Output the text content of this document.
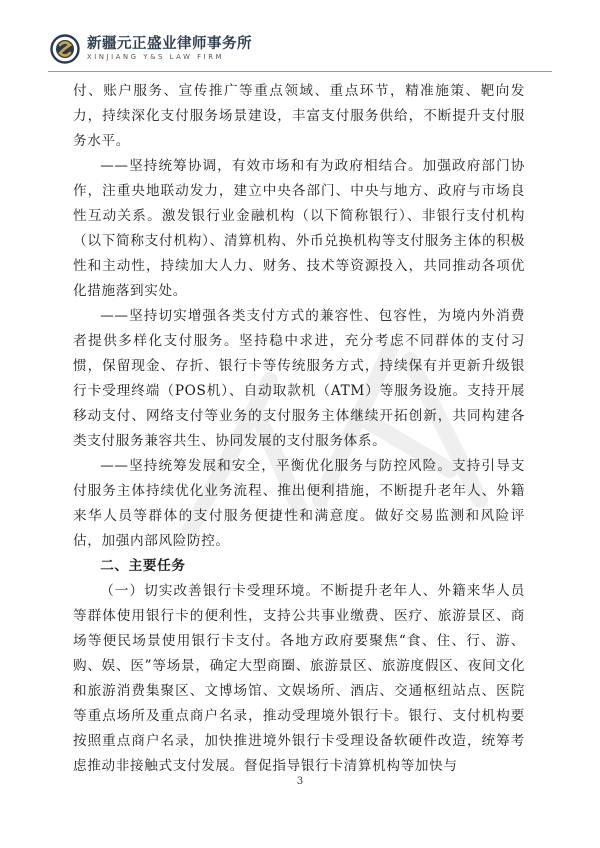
新疆元正盛业律师事务所
XINJIANG Y&S LAW FIRM

付、账户服务、宣传推广等重点领域、重点环节，精准施策、靶向发力，持续深化支付服务场景建设，丰富支付服务供给，不断提升支付服务水平。

——坚持统筹协调，有效市场和有为政府相结合。加强政府部门协作，注重央地联动发力，建立中央各部门、中央与地方、政府与市场良性互动关系。激发银行业金融机构（以下简称银行）、非银行支付机构（以下简称支付机构）、清算机构、外币兑换机构等支付服务主体的积极性和主动性，持续加大人力、财务、技术等资源投入，共同推动各项优化措施落到实处。

——坚持切实增强各类支付方式的兼容性、包容性，为境内外消费者提供多样化支付服务。坚持稳中求进，充分考虑不同群体的支付习惯，保留现金、存折、银行卡等传统服务方式，持续保有并更新升级银行卡受理终端（POS机）、自动取款机（ATM）等服务设施。支持开展移动支付、网络支付等业务的支付服务主体继续开拓创新，共同构建各类支付服务兼容共生、协同发展的支付服务体系。

——坚持统筹发展和安全，平衡优化服务与防控风险。支持引导支付服务主体持续优化业务流程、推出便利措施，不断提升老年人、外籍来华人员等群体的支付服务便捷性和满意度。做好交易监测和风险评估，加强内部风险防控。

二、主要任务

（一）切实改善银行卡受理环境。不断提升老年人、外籍来华人员等群体使用银行卡的便利性，支持公共事业缴费、医疗、旅游景区、商场等便民场景使用银行卡支付。各地方政府要聚焦“食、住、行、游、购、娱、医”等场景，确定大型商圈、旅游景区、旅游度假区、夜间文化和旅游消费集聚区、文博场馆、文娱场所、酒店、交通枢纽站点、医院等重点场所及重点商户名录，推动受理境外银行卡。银行、支付机构要按照重点商户名录，加快推进境外银行卡受理设备软硬件改造，统筹考虑推动非接触式支付发展。督促指导银行卡清算机构等加快与

3
